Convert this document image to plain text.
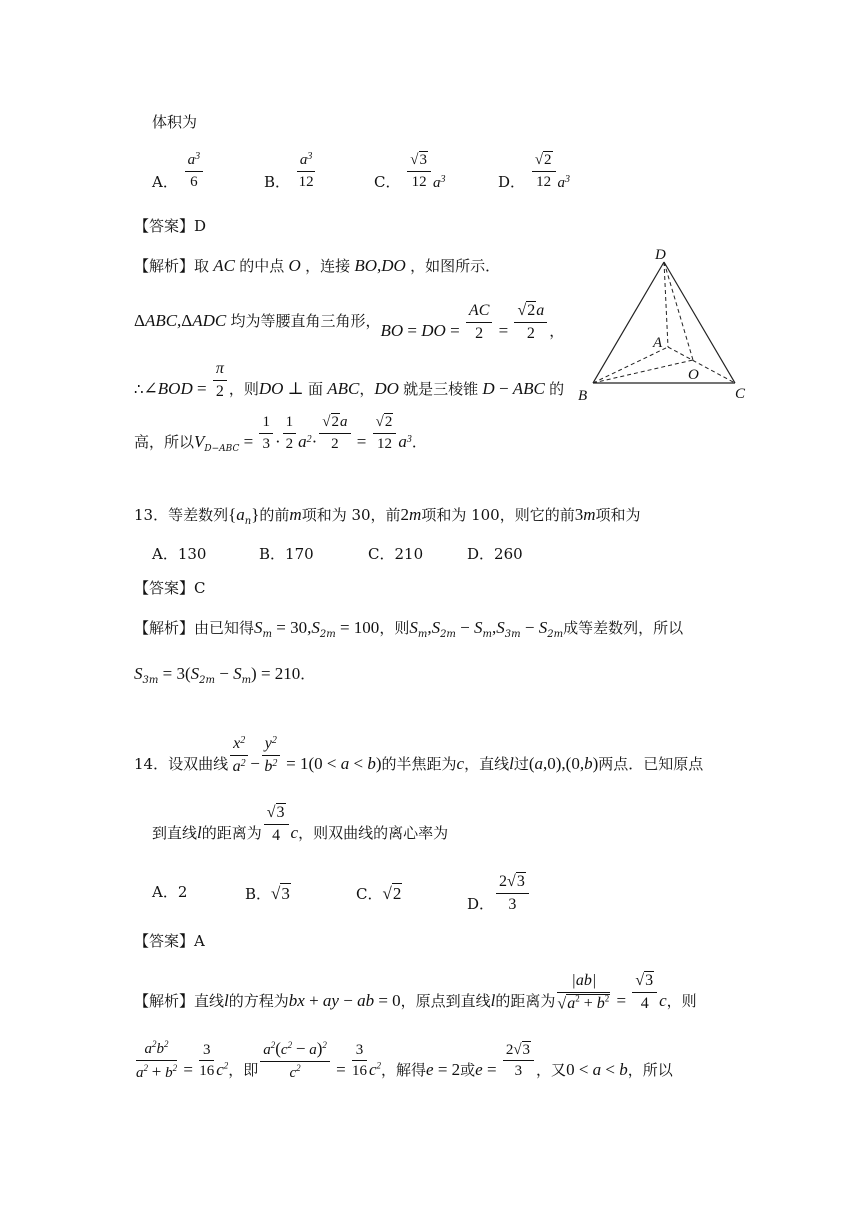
体积为
A． $\frac{a^3}{6}$	B． $\frac{a^3}{12}$	C． $\frac{√3}{12} a^3$	D． $\frac{√2}{12} a^3$
【答案】D
【解析】取 AC 的中点 O ，连接 BO,DO ，如图所示．
ΔABC,ΔADC 均为等腰直角三角形，BO = DO = $\frac{AC}{2} = \frac{√2a}{2}$ ，
∴∠BOD = $\frac{\pi}{2}$ ，则DO ⊥ 面 ABC，DO 就是三棱锥 D − ABC 的
高，所以$V_{D-ABC} = \frac{1}{3} \cdot \frac{1}{2} a^2\cdot \frac{√2a}{2} = \frac{√2}{12} a^3$．
D
A
O
B	C
13．等差数列$\{a_n\}$的前m项和为 30，前2m项和为 100，则它的前3m项和为
A．130	B．170	C．210	D．260
【答案】C
【解析】由已知得$S_m = 30,S_{2m} = 100$，则$S_m,S_{2m} - S_m,S_{3m} - S_{2m}$成等差数列，所以
$S_{3m} = 3(S_{2m} - S_m) = 210$．
14．设双曲线 $\frac{x^2}{a^2} - \frac{y^2}{b^2} = 1(0 < a < b)$的半焦距为c，直线l过(a,0),(0,b)两点．已知原点
到直线l的距离为 $\frac{√3}{4}$ c，则双曲线的离心率为
A．2	B．√3	C．√2
D． $\frac{2√3}{3}$
【答案】A
【解析】直线l的方程为bx + ay − ab = 0，原点到直线l的距离为 $\frac{|ab|}{√a^2 + b^2} = \frac{√3}{4}$ c，则
$\frac{a^2b^2}{a^2 + b^2} = \frac{3}{16} c^2$，即 $\frac{a^2(c^2 - a)^2}{c^2} = \frac{3}{16} c^2$，解得e = 2或$e = \frac{2√3}{3}$ ，又0 < a < b，所以
